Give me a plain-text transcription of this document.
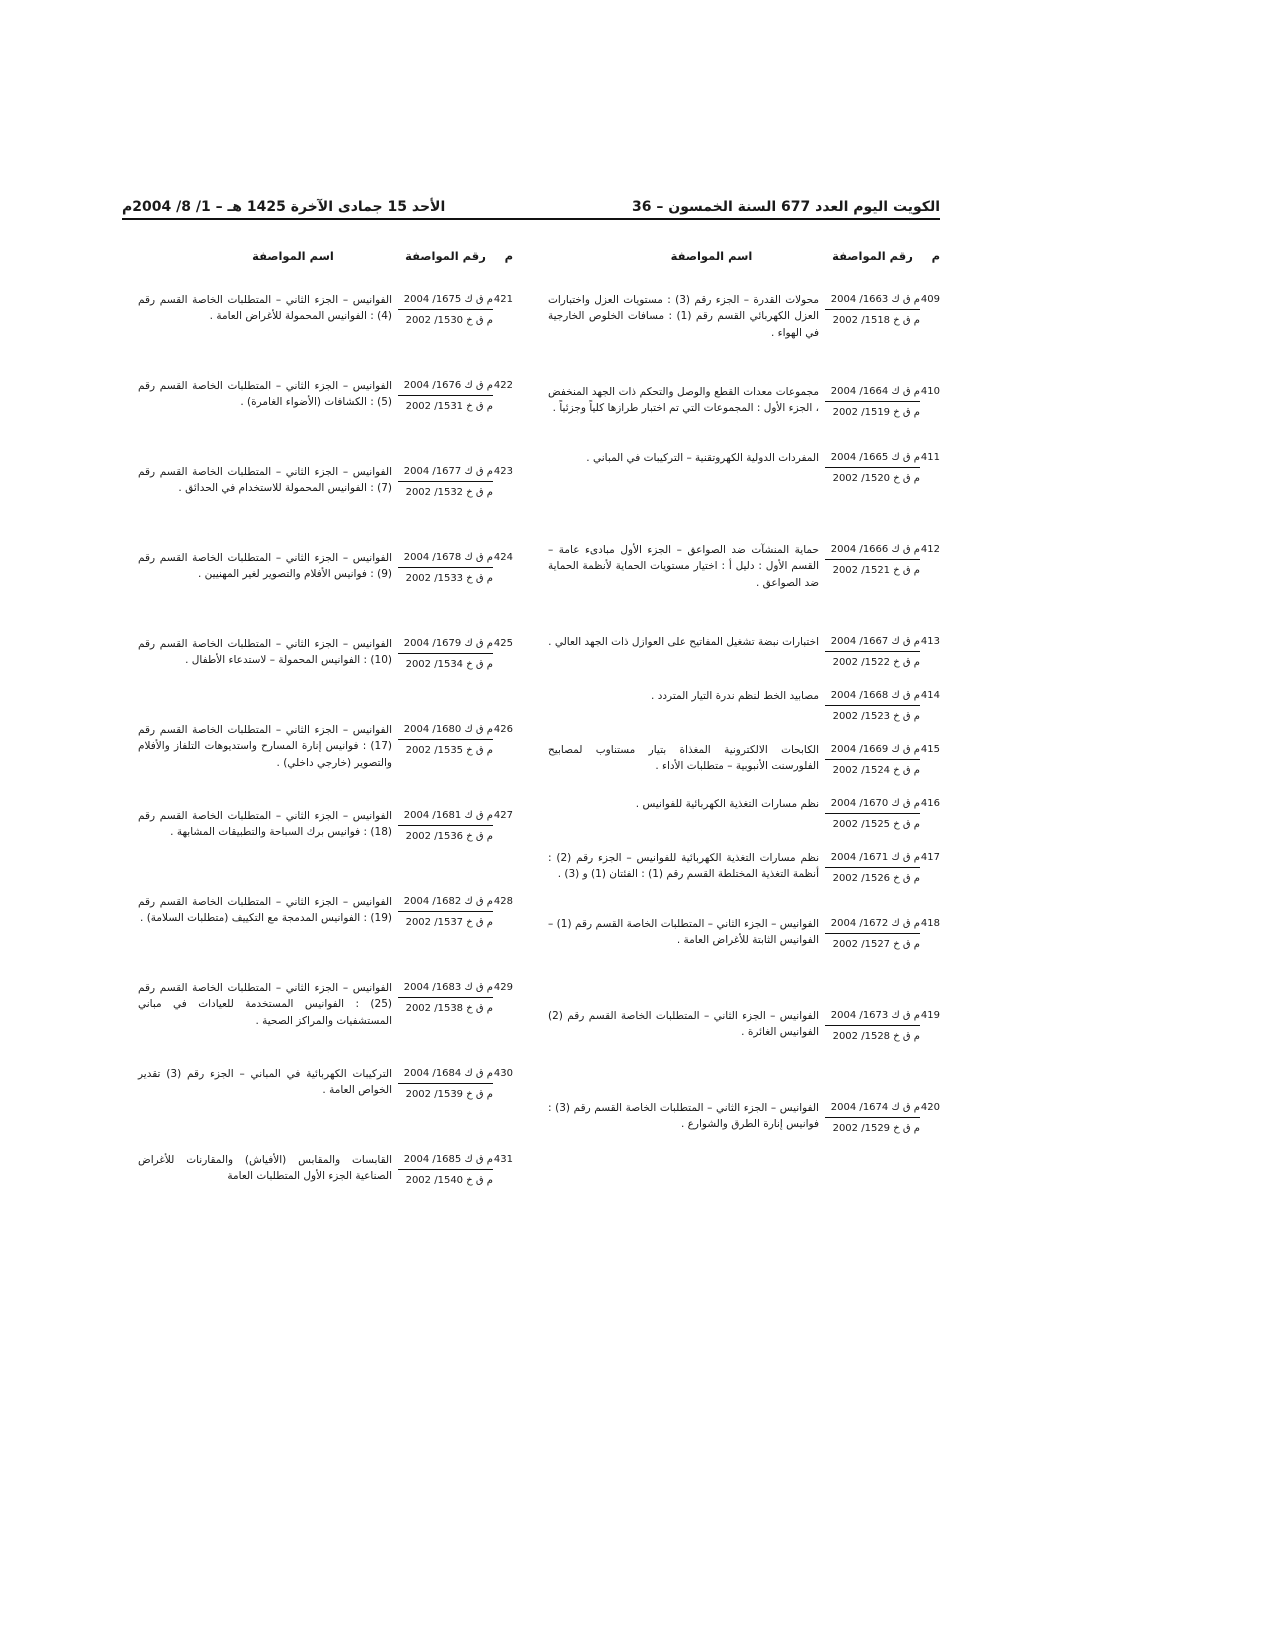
الأحد 15 جمادى الآخرة 1425 هـ – 1/ 8/ 2004م	الكويت اليوم العدد 677 السنة الخمسون – 36
م
رقم المواصفة
اسم المواصفة
409
م ق ك 1663/ 2004
م ق خ 1518/ 2002
محولات القدرة – الجزء رقم (3) : مستويات العزل واختبارات العزل الكهربائي القسم رقم (1) : مسافات الخلوص الخارجية في الهواء .
410
م ق ك 1664/ 2004
م ق خ 1519/ 2002
مجموعات معدات القطع والوصل والتحكم ذات الجهد المنخفض ، الجزء الأول : المجموعات التي تم اختبار طرازها كلياً وجزئياً .
411
م ق ك 1665/ 2004
م ق خ 1520/ 2002
المفردات الدولية الكهروتقنية – التركيبات في المباني .
412
م ق ك 1666/ 2004
م ق خ 1521/ 2002
حماية المنشآت ضد الصواعق – الجزء الأول مبادىء عامة – القسم الأول : دليل أ : اختيار مستويات الحماية لأنظمة الحماية ضد الصواعق .
413
م ق ك 1667/ 2004
م ق خ 1522/ 2002
اختبارات نبضة تشغيل المفاتيح على العوازل ذات الجهد العالي .
414
م ق ك 1668/ 2004
م ق خ 1523/ 2002
مصابيد الخط لنظم ندرة التيار المتردد .
415
م ق ك 1669/ 2004
م ق خ 1524/ 2002
الكابحات الالكترونية المغذاة بتيار مستناوب لمصابيح الفلورسنت الأنبوبية – متطلبات الأداء .
416
م ق ك 1670/ 2004
م ق خ 1525/ 2002
نظم مسارات التغذية الكهربائية للفوانيس .
417
م ق ك 1671/ 2004
م ق خ 1526/ 2002
نظم مسارات التغذية الكهربائية للفوانيس – الجزء رقم (2) : أنظمة التغذية المختلطة القسم رقم (1) : الفئتان (1) و (3) .
418
م ق ك 1672/ 2004
م ق خ 1527/ 2002
الفوانيس – الجزء الثاني – المتطلبات الخاصة القسم رقم (1) – الفوانيس الثابتة للأغراض العامة .
419
م ق ك 1673/ 2004
م ق خ 1528/ 2002
الفوانيس – الجزء الثاني – المتطلبات الخاصة القسم رقم (2) الفوانيس الغائرة .
420
م ق ك 1674/ 2004
م ق خ 1529/ 2002
الفوانيس – الجزء الثاني – المتطلبات الخاصة القسم رقم (3) : فوانيس إنارة الطرق والشوارع .
م
رقم المواصفة
اسم المواصفة
421
م ق ك 1675/ 2004
م ق خ 1530/ 2002
الفوانيس – الجزء الثاني – المتطلبات الخاصة القسم رقم (4) : الفوانيس المحمولة للأغراض العامة .
422
م ق ك 1676/ 2004
م ق خ 1531/ 2002
الفوانيس – الجزء الثاني – المتطلبات الخاصة القسم رقم (5) : الكشافات (الأضواء الغامرة) .
423
م ق ك 1677/ 2004
م ق خ 1532/ 2002
الفوانيس – الجزء الثاني – المتطلبات الخاصة القسم رقم (7) : الفوانيس المحمولة للاستخدام في الحدائق .
424
م ق ك 1678/ 2004
م ق خ 1533/ 2002
الفوانيس – الجزء الثاني – المتطلبات الخاصة القسم رقم (9) : فوانيس الأفلام والتصوير لغير المهنيين .
425
م ق ك 1679/ 2004
م ق خ 1534/ 2002
الفوانيس – الجزء الثاني – المتطلبات الخاصة القسم رقم (10) : الفوانيس المحمولة – لاستدعاء الأطفال .
426
م ق ك 1680/ 2004
م ق خ 1535/ 2002
الفوانيس – الجزء الثاني – المتطلبات الخاصة القسم رقم (17) : فوانيس إنارة المسارح واستديوهات التلفاز والأفلام والتصوير (خارجي داخلي) .
427
م ق ك 1681/ 2004
م ق خ 1536/ 2002
الفوانيس – الجزء الثاني – المتطلبات الخاصة القسم رقم (18) : فوانيس برك السباحة والتطبيقات المشابهة .
428
م ق ك 1682/ 2004
م ق خ 1537/ 2002
الفوانيس – الجزء الثاني – المتطلبات الخاصة القسم رقم (19) : الفوانيس المدمجة مع التكييف (متطلبات السلامة) .
429
م ق ك 1683/ 2004
م ق خ 1538/ 2002
الفوانيس – الجزء الثاني – المتطلبات الخاصة القسم رقم (25) : الفوانيس المستخدمة للعيادات في مباني المستشفيات والمراكز الصحية .
430
م ق ك 1684/ 2004
م ق خ 1539/ 2002
التركيبات الكهربائية في المباني – الجزء رقم (3) تقدير الخواص العامة .
431
م ق ك 1685/ 2004
م ق خ 1540/ 2002
القابسات والمقابس (الأفياش) والمقارنات للأغراض الصناعية الجزء الأول المتطلبات العامة
